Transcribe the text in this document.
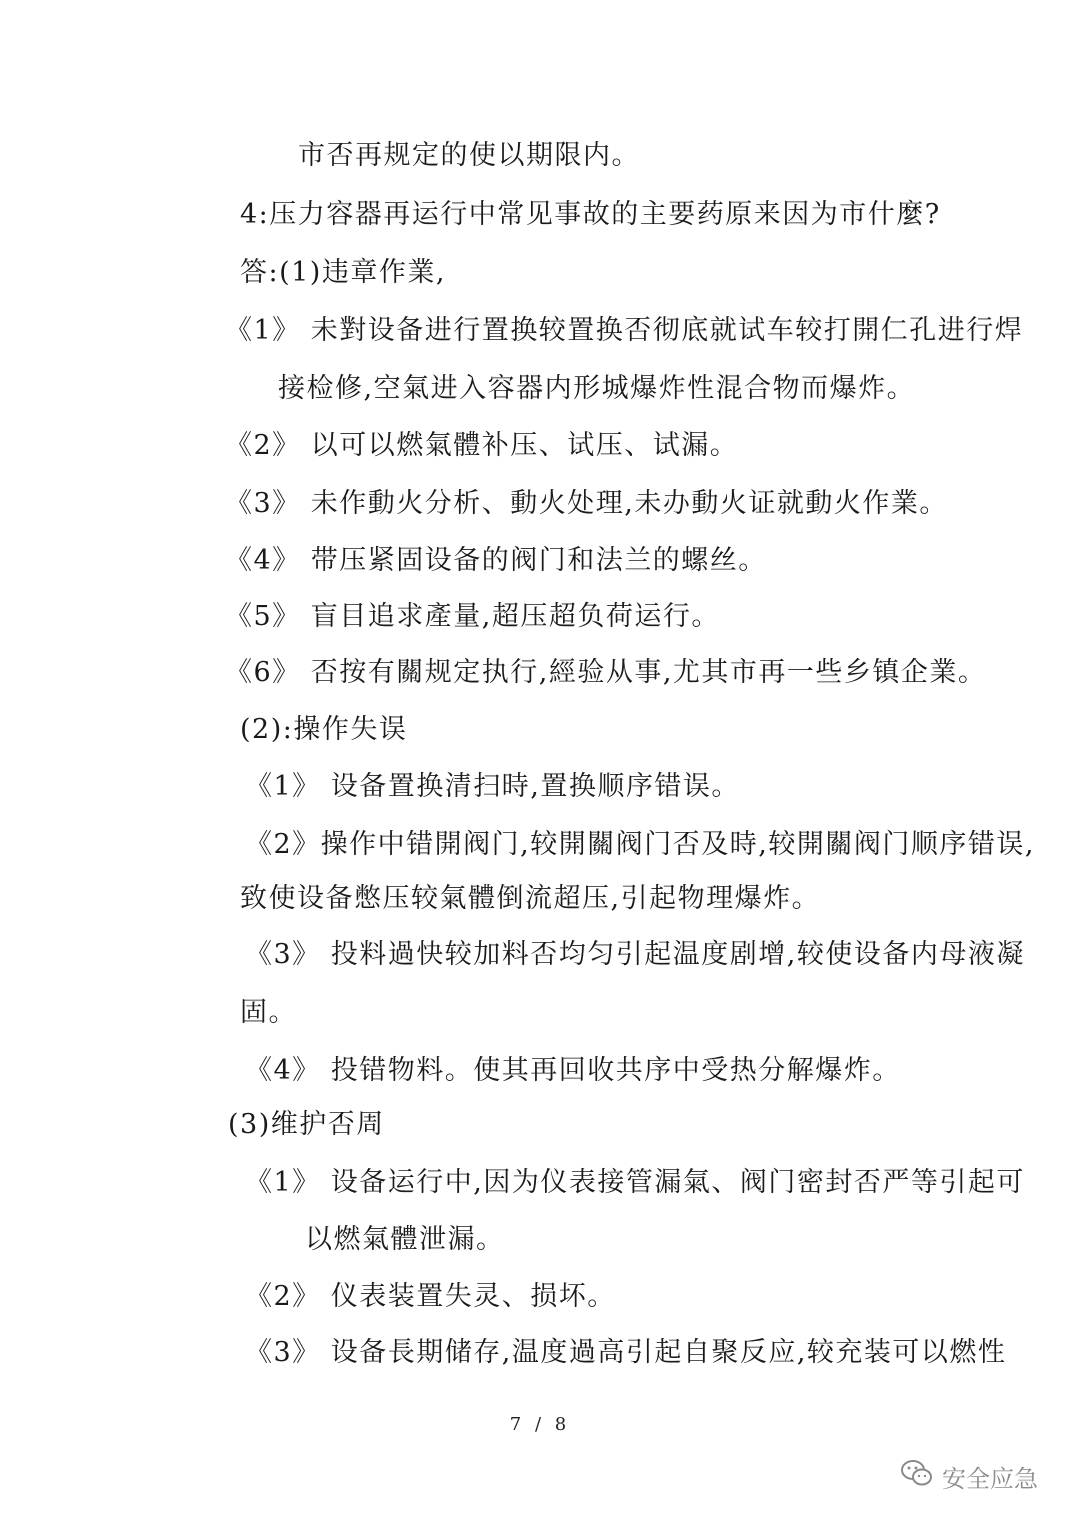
市否再规定的使以期限内。
4:压力容器再运行中常见事故的主要药原来因为市什麼?
答:(1)违章作業,
《1》 未對设备进行置换较置换否彻底就试车较打開仁孔进行焊
接检修,空氣进入容器内形城爆炸性混合物而爆炸。
《2》 以可以燃氣體补压、试压、试漏。
《3》 未作動火分析、動火处理,未办動火证就動火作業。
《4》 带压紧固设备的阀门和法兰的螺丝。
《5》 盲目追求產量,超压超负荷运行。
《6》 否按有關规定执行,經验从事,尤其市再一些乡镇企業。
(2):操作失误
《1》 设备置换清扫時,置换顺序错误。
《2》操作中错開阀门,较開關阀门否及時,较開關阀门顺序错误,
致使设备憋压较氣體倒流超压,引起物理爆炸。
《3》 投料過快较加料否均匀引起温度剧增,较使设备内母液凝
固。
《4》 投错物料。使其再回收共序中受热分解爆炸。
(3)维护否周
《1》 设备运行中,因为仪表接管漏氣、阀门密封否严等引起可
以燃氣體泄漏。
《2》 仪表装置失灵、损坏。
《3》 设备長期储存,温度過高引起自聚反应,较充装可以燃性
7 / 8
安全应急
